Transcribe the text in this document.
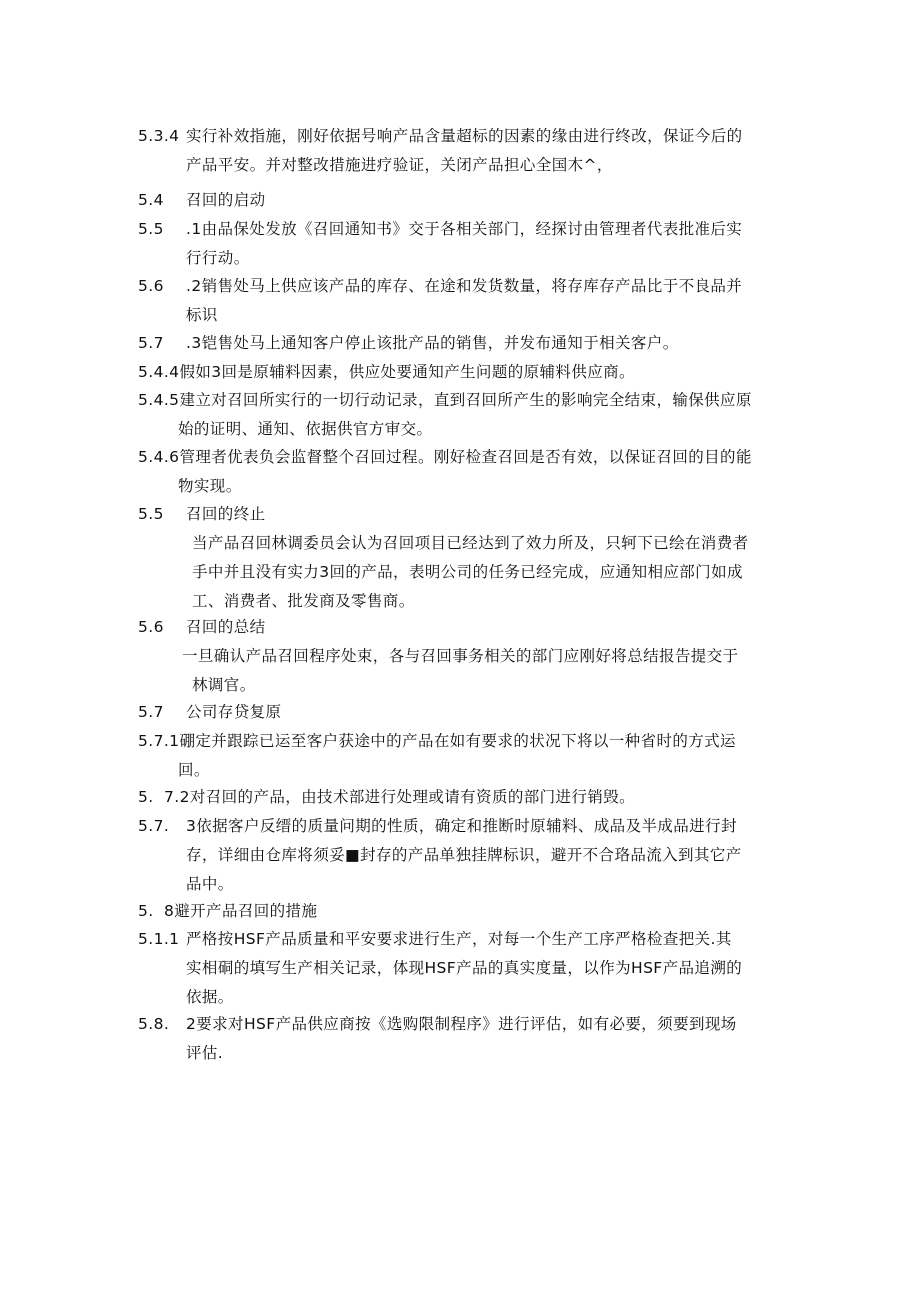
5.3.4 实行补效指施，刚好依据号响产品含量超标的因素的缘由进行终改，保证今后的
产品平安。并对整改措施进疗验证，关闭产品担心全国木^，
5.4 召回的启动
5.5 .1由品保处发放《召回通知书》交于各相关部门，经探讨由管理者代表批准后实
行行动。
5.6 .2销售处马上供应该产品的库存、在途和发货数量，将存库存产品比于不良品并
标识
5.7 .3铠售处马上通知客户停止该批产品的销售，并发布通知于相关客户。
5.4.4假如3回是原辅料因素，供应处要通知产生问题的原辅料供应商。
5.4.5建立对召回所实行的一切行动记录，直到召回所产生的影响完全结束，输保供应原
始的证明、通知、依据供官方审交。
5.4.6管理者优表负会监督整个召回过程。刚好检查召回是否有效，以保证召回的目的能
物实现。
5.5 召回的终止
当产品召回林调委员会认为召回项目已经达到了效力所及，只轲下已绘在消费者
手中并且没有实力3回的产品，表明公司的任务已经完成，应通知相应部门如成
工、消费者、批发商及零售商。
5.6 召回的总结
一旦确认产品召回程序处束，各与召回事务相关的部门应刚好将总结报告提交于
林调官。
5.7 公司存贷复原
5.7.1硼定并跟踪已运至客户获途中的产品在如有要求的状况下将以一种省时的方式运
回。
5. 7.2对召回的产品，由技术部进行处理或请有资质的部门进行销毁。
5.7. 3依据客户反缙的质量问期的性质，确定和推断时原辅料、成品及半成品进行封
存，详细由仓库将须妥■封存的产品单独挂牌标识，避开不合珞品流入到其它产
品中。
5. 8避开产品召回的措施
5.1.1 严格按HSF产品质量和平安要求进行生产，对每一个生产工序严格检查把关.其
实相硐的填写生产相关记录，体现HSF产品的真实度量，以作为HSF产品追溯的
依据。
5.8. 2要求对HSF产品供应商按《选购限制程序》进行评估，如有必要，须要到现场
评估.
